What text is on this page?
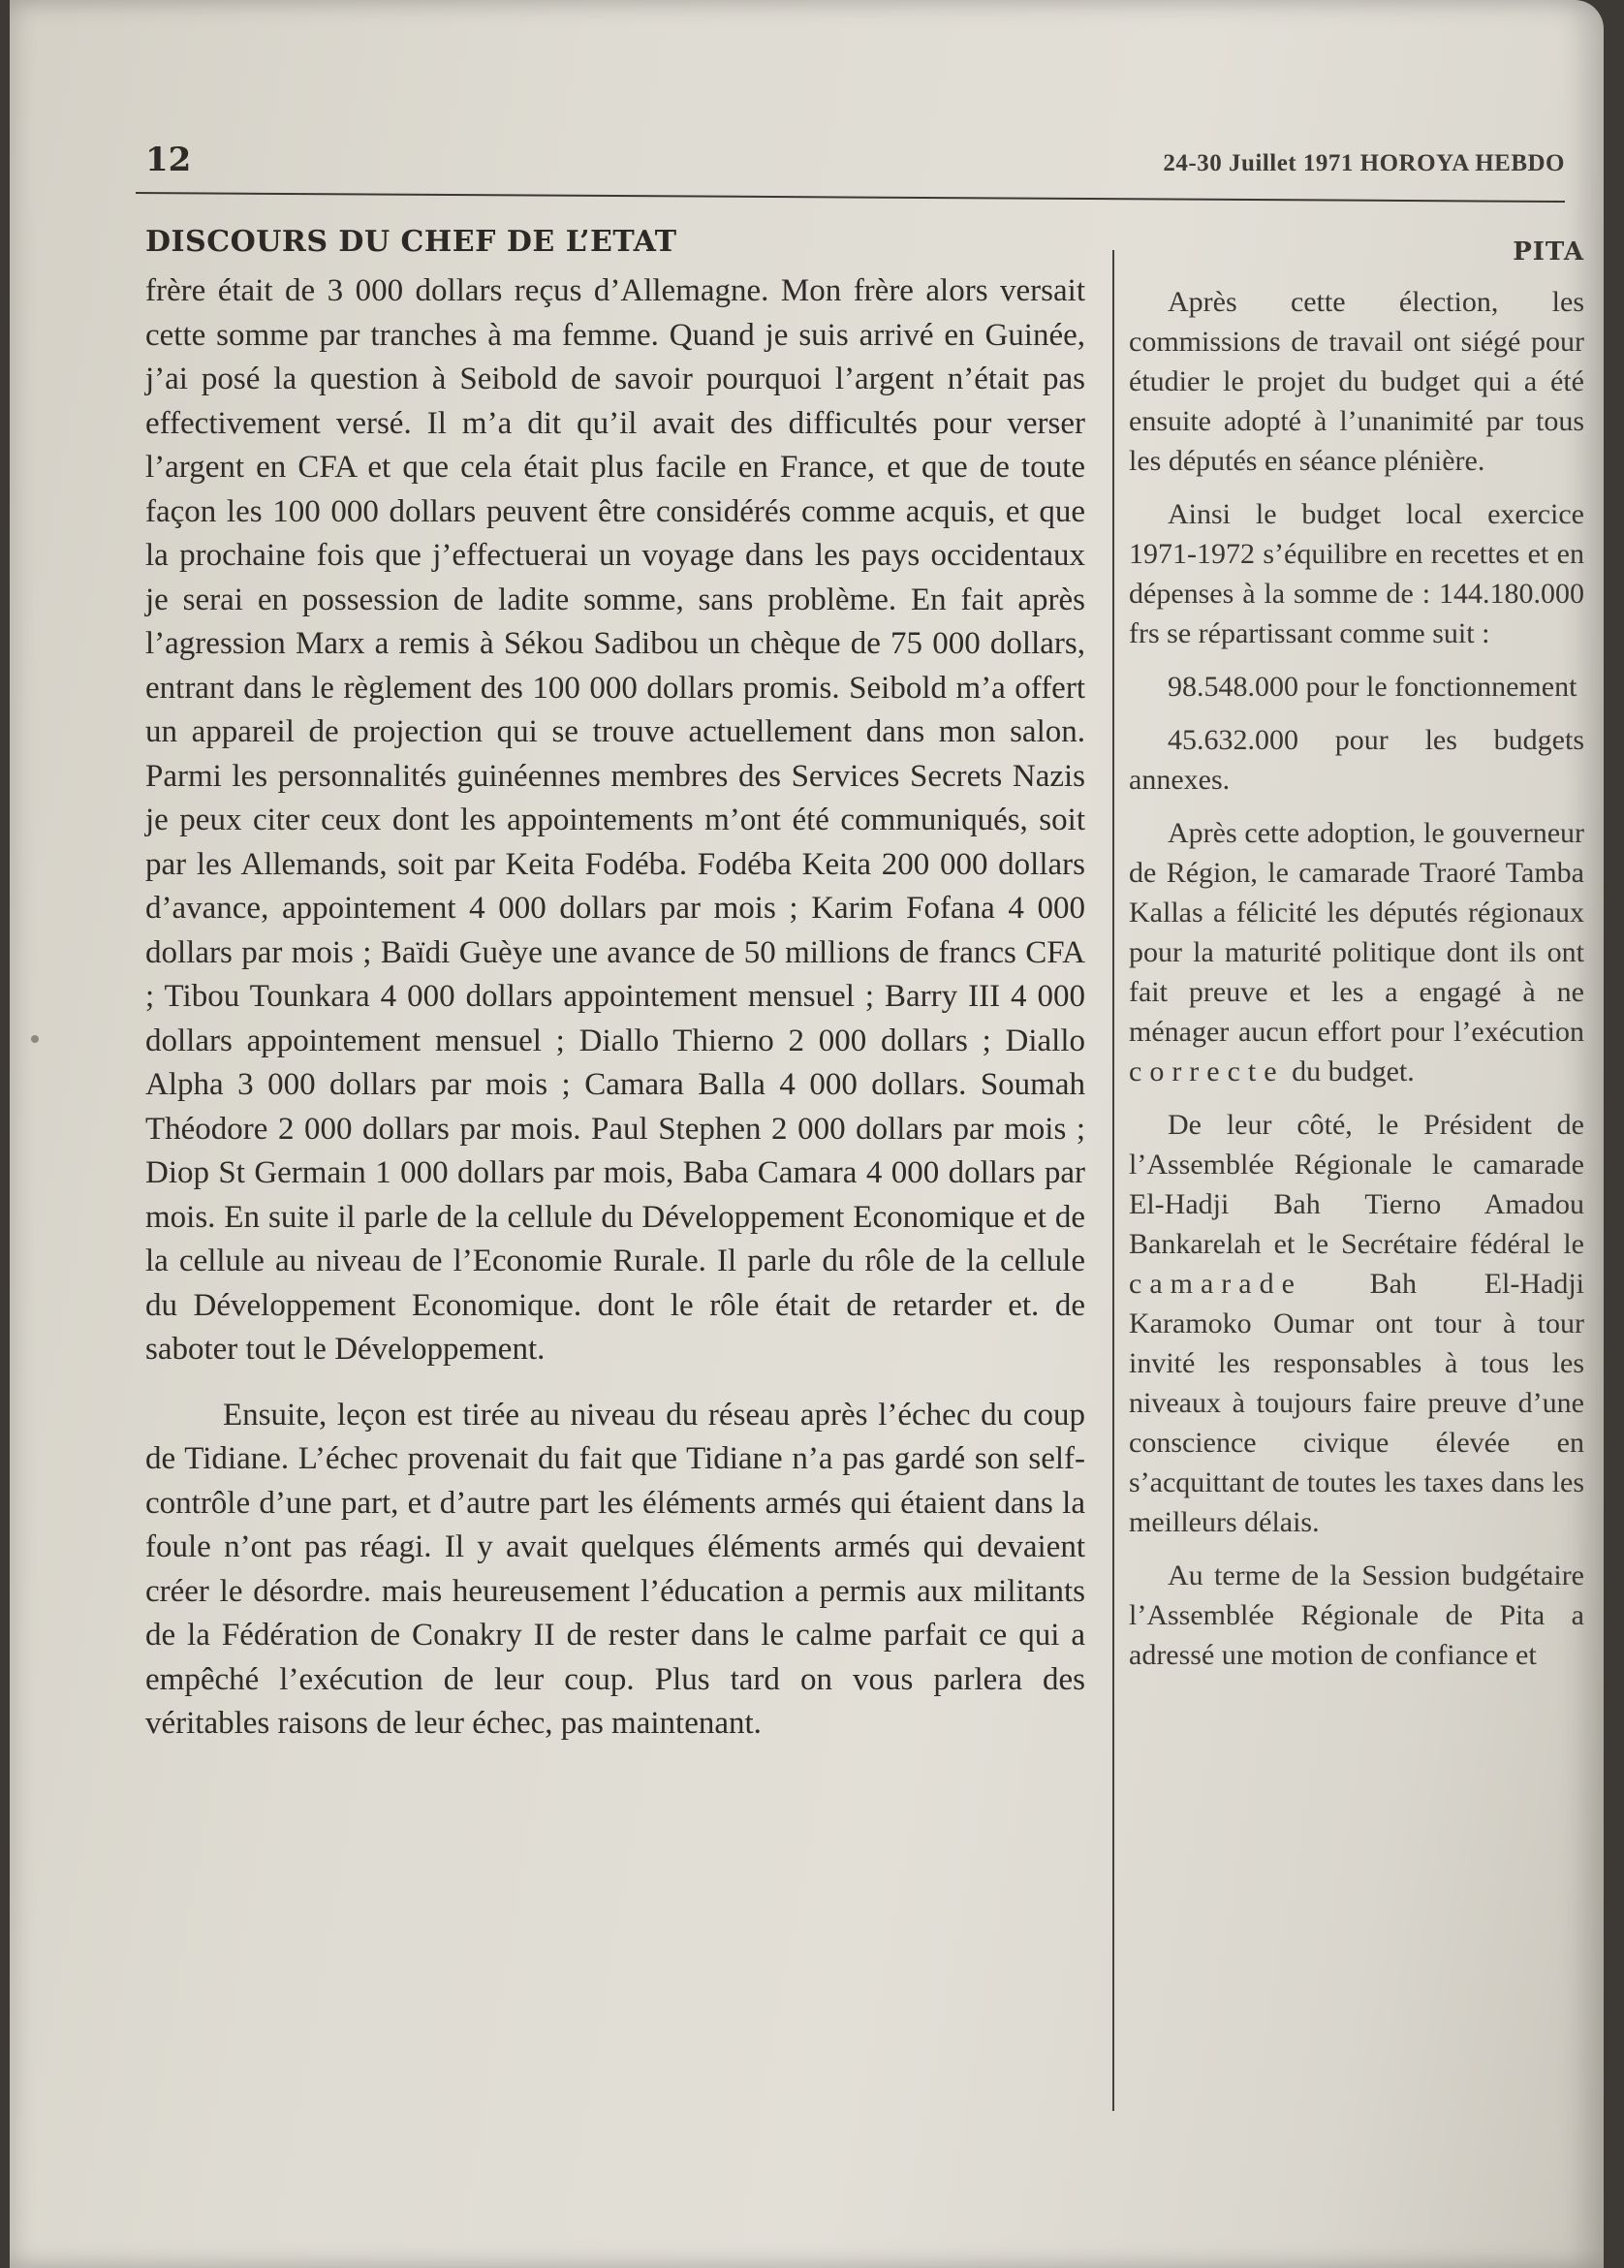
12	24-30 Juillet 1971 HOROYA HEBDO
DISCOURS DU CHEF DE L’ETAT

frère était de 3 000 dollars reçus d’Allemagne. Mon frère alors versait cette somme par tranches à ma femme. Quand je suis arrivé en Guinée, j’ai posé la question à Seibold de savoir pourquoi l’argent n’était pas effectivement versé. Il m’a dit qu’il avait des difficultés pour verser l’argent en CFA et que cela était plus facile en France, et que de toute façon les 100 000 dollars peuvent être considérés comme acquis, et que la prochaine fois que j’effectuerai un voyage dans les pays occidentaux je serai en possession de ladite somme, sans problème. En fait après l’agression Marx a remis à Sékou Sadibou un chèque de 75 000 dollars, entrant dans le règlement des 100 000 dollars promis. Seibold m’a offert un appareil de projection qui se trouve actuellement dans mon salon. Parmi les personnalités guinéennes membres des Services Secrets Nazis je peux citer ceux dont les appointements m’ont été communiqués, soit par les Allemands, soit par Keita Fodéba. Fodéba Keita 200 000 dollars d’avance, appointement 4 000 dollars par mois ; Karim Fofana 4 000 dollars par mois ; Baïdi Guèye une avance de 50 millions de francs CFA ; Tibou Tounkara 4 000 dollars appointement mensuel ; Barry III 4 000 dollars appointement mensuel ; Diallo Thierno 2 000 dollars ; Diallo Alpha 3 000 dollars par mois ; Camara Balla 4 000 dollars. Soumah Théodore 2 000 dollars par mois. Paul Stephen 2 000 dollars par mois ; Diop St Germain 1 000 dollars par mois, Baba Camara 4 000 dollars par mois. En suite il parle de la cellule du Développement Economique et de la cellule au niveau de l’Economie Rurale. Il parle du rôle de la cellule du Développement Economique. dont le rôle était de retarder et. de saboter tout le Développement.

Ensuite, leçon est tirée au niveau du réseau après l’échec du coup de Tidiane. L’échec provenait du fait que Tidiane n’a pas gardé son self-contrôle d’une part, et d’autre part les éléments armés qui étaient dans la foule n’ont pas réagi. Il y avait quelques éléments armés qui devaient créer le désordre. mais heureusement l’éducation a permis aux militants de la Fédération de Conakry II de rester dans le calme parfait ce qui a empêché l’exécution de leur coup. Plus tard on vous parlera des véritables raisons de leur échec, pas maintenant.

PITA

Après cette élection, les commissions de travail ont siégé pour étudier le projet du budget qui a été ensuite adopté à l’unanimité par tous les députés en séance plénière.

Ainsi le budget local exercice 1971-1972 s’équilibre en recettes et en dépenses à la somme de : 144.180.000 frs se répartissant comme suit :

98.548.000 pour le fonctionnement

45.632.000 pour les budgets annexes.

Après cette adoption, le gouverneur de Région, le camarade Traoré Tamba Kallas a félicité les députés régionaux pour la maturité politique dont ils ont fait preuve et les a engagé à ne ménager aucun effort pour l’exécution correcte du budget.

De leur côté, le Président de l’Assemblée Régionale le camarade El-Hadji Bah Tierno Amadou Bankarelah et le Secrétaire fédéral le camarade Bah El-Hadji Karamoko Oumar ont tour à tour invité les responsables à tous les niveaux à toujours faire preuve d’une conscience civique élevée en s’acquittant de toutes les taxes dans les meilleurs délais.

Au terme de la Session budgétaire l’Assemblée Régionale de Pita a adressé une motion de confiance et
